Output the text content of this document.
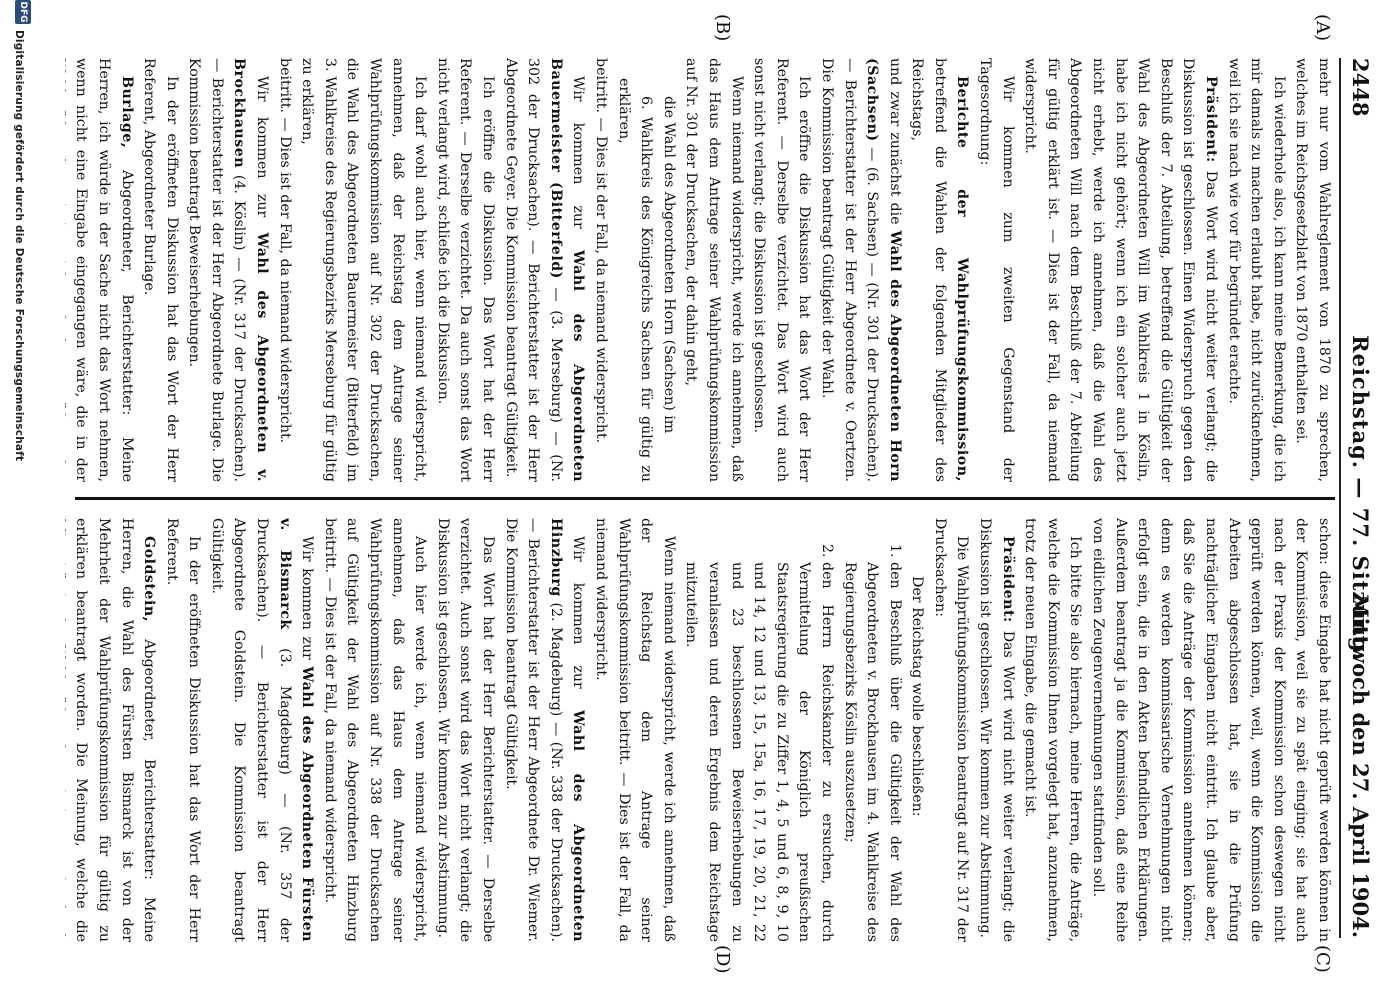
2448
Reichstag. — 77. Sitzung.
Mittwoch den 27. April 1904.
(A)
(B)
(C)
(D)

mehr nur vom Wahlreglement von 1870 zu sprechen, welches im Reichsgesetzblatt von 1870 enthalten sei.

Ich wiederhole also, ich kann meine Bemerkung, die ich mir damals zu machen erlaubt habe, nicht zurücknehmen, weil ich sie nach wie vor für begründet erachte.

Präsident: Das Wort wird nicht weiter verlangt; die Diskussion ist geschlossen. Einen Widerspruch gegen den Beschluß der 7. Abteilung, betreffend die Gültigkeit der Wahl des Abgeordneten Will im Wahlkreis 1 in Köslin, habe ich nicht gehört; wenn ich ein solcher auch jetzt nicht erhebt, werde ich annehmen, daß die Wahl des Abgeordneten Will nach dem Beschluß der 7. Abteilung für gültig erklärt ist. — Dies ist der Fall, da niemand widerspricht.

Wir kommen zum zweiten Gegenstand der Tagesordnung:

Berichte der Wahlprüfungskommission, betreffend die Wahlen der folgenden Mitglieder des Reichstags,

und zwar zunächst die Wahl des Abgeordneten Horn (Sachsen) — (6. Sachsen) — (Nr. 301 der Drucksachen). — Berichterstatter ist der Herr Abgeordnete v. Oertzen. Die Kommission beantragt Gültigkeit der Wahl.

Ich eröffne die Diskussion hat das Wort der Herr Referent. — Derselbe verzichtet. Das Wort wird auch sonst nicht verlangt; die Diskussion ist geschlossen.

Wenn niemand widerspricht, werde ich annehmen, daß das Haus dem Antrage seiner Wahlprüfungskommission auf Nr. 301 der Drucksachen, der dahin geht,

die Wahl des Abgeordneten Horn (Sachsen) im

6. Wahlkreis des Königreichs Sachsen für gültig zu erklären,

beitritt. — Dies ist der Fall, da niemand widerspricht.

Wir kommen zur Wahl des Abgeordneten Bauermeister (Bitterfeld) — (3. Merseburg) — (Nr. 302 der Drucksachen). — Berichterstatter ist der Herr Abgeordnete Geyer. Die Kommission beantragt Gültigkeit.

Ich eröffne die Diskussion. Das Wort hat der Herr Referent. — Derselbe verzichtet. Da auch sonst das Wort nicht verlangt wird, schließe ich die Diskussion.

Ich darf wohl auch hier, wenn niemand widerspricht, annehmen, daß der Reichstag dem Antrage seiner Wahlprüfungskommission auf Nr. 302 der Drucksachen, die Wahl des Abgeordneten Bauermeister (Bitterfeld) im 3. Wahlkreise des Regierungsbezirks Merseburg für gültig zu erklären,

beitritt. — Dies ist der Fall, da niemand widerspricht.

Wir kommen zur Wahl des Abgeordneten v. Brockhausen (4. Köslin) — (Nr. 317 der Drucksachen). — Berichterstatter ist der Herr Abgeordnete Burlage. Die Kommission beantragt Beweiserhebungen.

In der eröffneten Diskussion hat das Wort der Herr Referent, Abgeordneter Burlage.

Burlage, Abgeordneter, Berichterstatter: Meine Herren, ich würde in der Sache nicht das Wort nehmen, wenn nicht eine Eingabe eingegangen wäre, die in der

schon: diese Eingabe hat nicht geprüft werden können in der Kommission, weil sie zu spät einging; sie hat auch nach der Praxis der Kommission schon deswegen nicht geprüft werden können, weil, wenn die Kommission die Arbeiten abgeschlossen hat, sie in die Prüfung nachträglicher Eingaben nicht eintritt. Ich glaube aber, daß Sie die Anträge der Kommission annehmen können; denn es werden kommissarische Vernehmungen nicht erfolgt sein, die in den Akten befindlichen Erklärungen. Außerdem beantragt ja die Kommission, daß eine Reihe von eidlichen Zeugenvernehmungen stattfinden soll.

Ich bitte Sie also hiernach, meine Herren, die Anträge, welche die Kommission Ihnen vorgelegt hat, anzunehmen, trotz der neuen Eingabe, die gemacht ist.

Präsident: Das Wort wird nicht weiter verlangt; die Diskussion ist geschlossen. Wir kommen zur Abstimmung.

Die Wahlprüfungskommission beantragt auf Nr. 317 der Drucksachen:

Der Reichstag wolle beschließen:

1. den Beschluß über die Gültigkeit der Wahl des Abgeordneten v. Brockhausen im 4. Wahlkreise des Regierungsbezirks Köslin auszusetzen;
2. den Herrn Reichskanzler zu ersuchen, durch Vermittelung der Königlich preußischen Staatsregierung die zu Ziffer 1, 4, 5 und 6, 8, 9, 10 und 14, 12 und 13, 15, 15a, 16, 17, 19, 20, 21, 22 und 23 beschlossenen Beweiserhebungen zu veranlassen und deren Ergebnis dem Reichstage mitzuteilen.

Wenn niemand widerspricht, werde ich annehmen, daß der Reichstag dem Antrage seiner Wahlprüfungskommission beitritt. — Dies ist der Fall, da niemand widerspricht.

Wir kommen zur Wahl des Abgeordneten Hinzburg (2. Magdeburg) — (Nr. 338 der Drucksachen). — Berichterstatter ist der Herr Abgeordnete Dr. Wiemer. Die Kommission beantragt Gültigkeit.

Das Wort hat der Herr Berichterstatter. — Derselbe verzichtet. Auch sonst wird das Wort nicht verlangt; die Diskussion ist geschlossen. Wir kommen zur Abstimmung.

Auch hier werde ich, wenn niemand widerspricht, annehmen, daß das Haus dem Antrage seiner Wahlprüfungskommission auf Nr. 338 der Drucksachen auf Gültigkeit der Wahl des Abgeordneten Hinzburg beitritt. — Dies ist der Fall, da niemand widerspricht.

Wir kommen zur Wahl des Abgeordneten Fürsten v. Bismarck (3. Magdeburg) — (Nr. 357 der Drucksachen). — Berichterstatter ist der Herr Abgeordnete Goldstein. Die Kommission beantragt Gültigkeit.

In der eröffneten Diskussion hat das Wort der Herr Referent.

Goldstein, Abgeordneter, Berichterstatter: Meine Herren, die Wahl des Fürsten Bismarck ist von der Mehrheit der Wahlprüfungskommission für gültig zu erklären beantragt worden. Die Meinung, welche die

DFG
Digitalisierung gefördert durch die Deutsche Forschungsgemeinschaft
